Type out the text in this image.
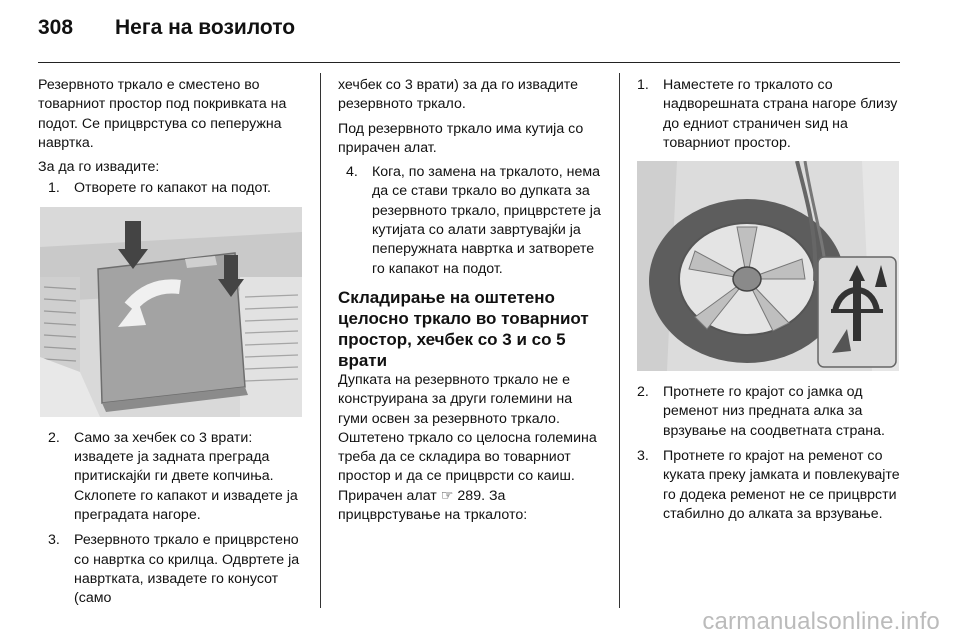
308 Нега на возилото

Резервното тркало е сместено во товарниот простор под покривката на подот. Се прицврстува со пеперужна навртка.

За да го извадите:

1. Отворете го капакот на подот.
2. Само за хечбек со 3 врати: извадете ја задната преграда притискајќи ги двете копчиња. Склопете го капакот и извадете ја преградата нагоре.
3. Резервното тркало е прицврстено со навртка со крилца. Одвртете ја навртката, извадете го конусот (само

хечбек со 3 врати) за да го извадите резервното тркало.

Под резервното тркало има кутија со прирачен алат.

4. Кога, по замена на тркалото, нема да се стави тркало во дупката за резервното тркало, прицврстете ја кутијата со алати завртувајќи ја пеперужната навртка и затворете го капакот на подот.
Складирање на оштетено целосно тркало во товарниот простор, хечбек со 3 и со 5 врати

Дупката на резервното тркало не е конструирана за други големини на гуми освен за резервното тркало. Оштетено тркало со целосна големина треба да се складира во товарниот простор и да се прицврсти со каиш. Прирачен алат ☞ 289. За прицврстување на тркалото:

1. Наместете го тркалото со надворешната страна нагоре близу до едниот страничен sид на товарниот простор.
2. Протнете го крајот со јамка од ременот низ предната алка за врзување на соодветната страна.
3. Протнете го крајот на ременот со куката преку јамката и повлекувајте го додека ременот не се прицврсти стабилно до алката за врзување.
carmanualsonline.info
